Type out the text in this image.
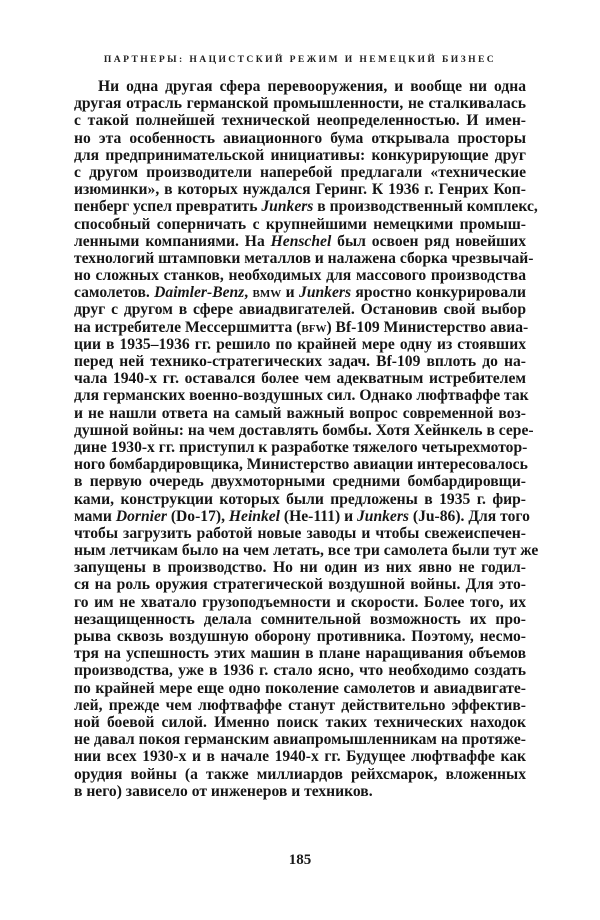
ПАРТНЕРЫ: НАЦИСТСКИЙ РЕЖИМ И НЕМЕЦКИЙ БИЗНЕС
Ни одна другая сфера перевооружения, и вообще ни одна
другая отрасль германской промышленности, не сталкивалась
с такой полнейшей технической неопределенностью. И имен-
но эта особенность авиационного бума открывала просторы
для предпринимательской инициативы: конкурирующие друг
с другом производители наперебой предлагали «технические
изюминки», в которых нуждался Геринг. К 1936 г. Генрих Коп-
пенберг успел превратить Junkers в производственный комплекс,
способный соперничать с крупнейшими немецкими промыш-
ленными компаниями. На Henschel был освоен ряд новейших
технологий штамповки металлов и налажена сборка чрезвычай-
но сложных станков, необходимых для массового производства
самолетов. Daimler-Benz, bmw и Junkers яростно конкурировали
друг с другом в сфере авиадвигателей. Остановив свой выбор
на истребителе Мессершмитта (bfw) Bf-109 Министерство авиа-
ции в 1935–1936 гг. решило по крайней мере одну из стоявших
перед ней технико-стратегических задач. Bf-109 вплоть до на-
чала 1940-х гг. оставался более чем адекватным истребителем
для германских военно-воздушных сил. Однако люфтваффе так
и не нашли ответа на самый важный вопрос современной воз-
душной войны: на чем доставлять бомбы. Хотя Хейнкель в сере-
дине 1930-х гг. приступил к разработке тяжелого четырехмотор-
ного бомбардировщика, Министерство авиации интересовалось
в первую очередь двухмоторными средними бомбардировщи-
ками, конструкции которых были предложены в 1935 г. фир-
мами Dornier (Do-17), Heinkel (He-111) и Junkers (Ju-86). Для того
чтобы загрузить работой новые заводы и чтобы свежеиспечен-
ным летчикам было на чем летать, все три самолета были тут же
запущены в производство. Но ни один из них явно не годил-
ся на роль оружия стратегической воздушной войны. Для это-
го им не хватало грузоподъемности и скорости. Более того, их
незащищенность делала сомнительной возможность их про-
рыва сквозь воздушную оборону противника. Поэтому, несмо-
тря на успешность этих машин в плане наращивания объемов
производства, уже в 1936 г. стало ясно, что необходимо создать
по крайней мере еще одно поколение самолетов и авиадвигате-
лей, прежде чем люфтваффе станут действительно эффектив-
ной боевой силой. Именно поиск таких технических находок
не давал покоя германским авиапромышленникам на протяже-
нии всех 1930-х и в начале 1940-х гг. Будущее люфтваффе как
орудия войны (а также миллиардов рейхсмарок, вложенных
в него) зависело от инженеров и техников.
185
